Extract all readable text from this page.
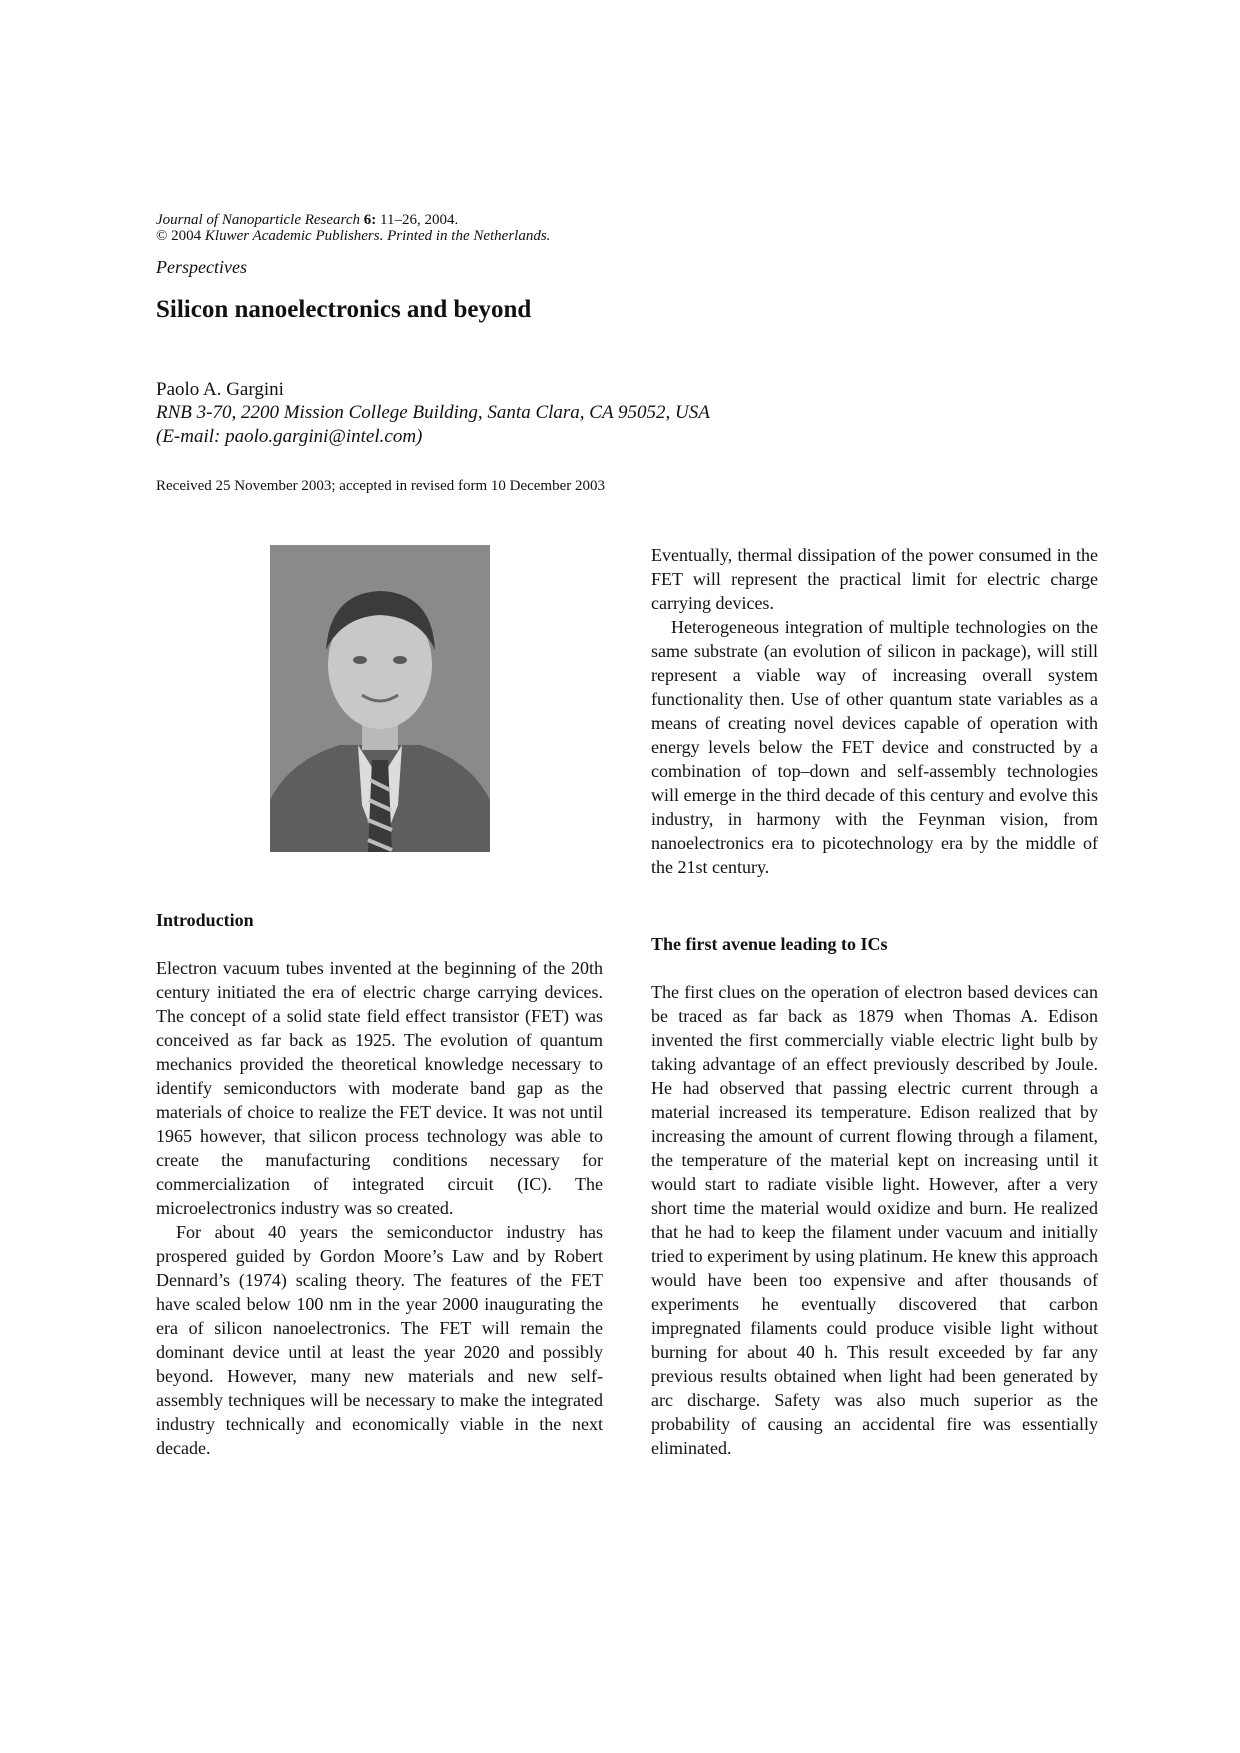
Journal of Nanoparticle Research 6: 11–26, 2004.
© 2004 Kluwer Academic Publishers. Printed in the Netherlands.
Perspectives
Silicon nanoelectronics and beyond
Paolo A. Gargini
RNB 3-70, 2200 Mission College Building, Santa Clara, CA 95052, USA
(E-mail: paolo.gargini@intel.com)
Received 25 November 2003; accepted in revised form 10 December 2003
Introduction

Electron vacuum tubes invented at the beginning of the 20th century initiated the era of electric charge carrying devices. The concept of a solid state field effect transistor (FET) was conceived as far back as 1925. The evolution of quantum mechanics provided the theoretical knowledge necessary to identify semiconductors with moderate band gap as the materials of choice to realize the FET device. It was not until 1965 however, that silicon process technology was able to create the manufacturing conditions necessary for commercialization of integrated circuit (IC). The microelectronics industry was so created.

For about 40 years the semiconductor industry has prospered guided by Gordon Moore’s Law and by Robert Dennard’s (1974) scaling theory. The features of the FET have scaled below 100 nm in the year 2000 inaugurating the era of silicon nanoelectronics. The FET will remain the dominant device until at least the year 2020 and possibly beyond. However, many new materials and new self-assembly techniques will be necessary to make the integrated industry technically and economically viable in the next decade.

Eventually, thermal dissipation of the power consumed in the FET will represent the practical limit for electric charge carrying devices.

Heterogeneous integration of multiple technologies on the same substrate (an evolution of silicon in package), will still represent a viable way of increasing overall system functionality then. Use of other quantum state variables as a means of creating novel devices capable of operation with energy levels below the FET device and constructed by a combination of top–down and self-assembly technologies will emerge in the third decade of this century and evolve this industry, in harmony with the Feynman vision, from nanoelectronics era to picotechnology era by the middle of the 21st century.

The first avenue leading to ICs

The first clues on the operation of electron based devices can be traced as far back as 1879 when Thomas A. Edison invented the first commercially viable electric light bulb by taking advantage of an effect previously described by Joule. He had observed that passing electric current through a material increased its temperature. Edison realized that by increasing the amount of current flowing through a filament, the temperature of the material kept on increasing until it would start to radiate visible light. However, after a very short time the material would oxidize and burn. He realized that he had to keep the filament under vacuum and initially tried to experiment by using platinum. He knew this approach would have been too expensive and after thousands of experiments he eventually discovered that carbon impregnated filaments could produce visible light without burning for about 40 h. This result exceeded by far any previous results obtained when light had been generated by arc discharge. Safety was also much superior as the probability of causing an accidental fire was essentially eliminated.
